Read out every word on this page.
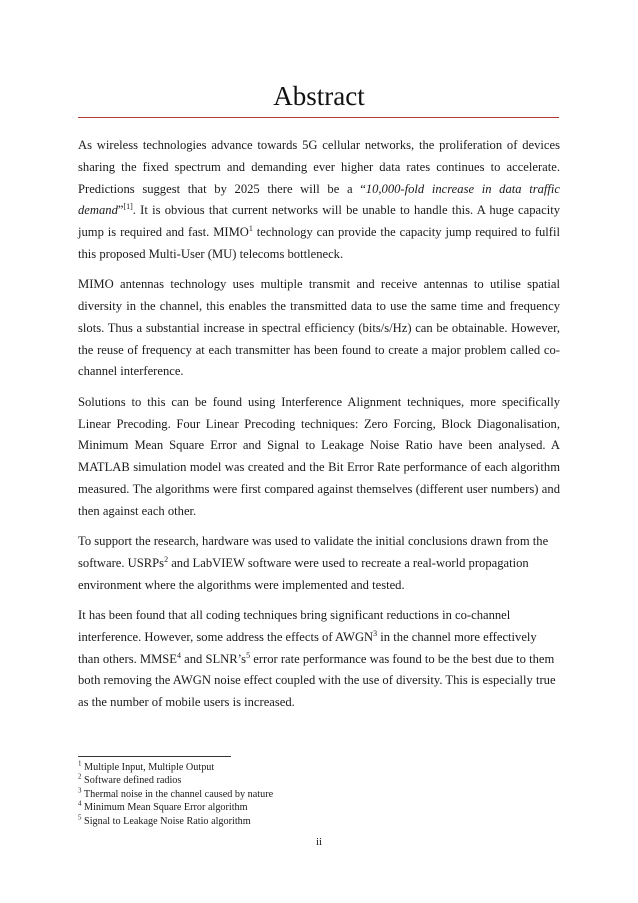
Abstract

As wireless technologies advance towards 5G cellular networks, the proliferation of devices sharing the fixed spectrum and demanding ever higher data rates continues to accelerate. Predictions suggest that by 2025 there will be a “10,000-fold increase in data traffic demand”[1]. It is obvious that current networks will be unable to handle this. A huge capacity jump is required and fast. MIMO$^1$ technology can provide the capacity jump required to fulfil this proposed Multi-User (MU) telecoms bottleneck.

MIMO antennas technology uses multiple transmit and receive antennas to utilise spatial diversity in the channel, this enables the transmitted data to use the same time and frequency slots. Thus a substantial increase in spectral efficiency (bits/s/Hz) can be obtainable. However, the reuse of frequency at each transmitter has been found to create a major problem called co-channel interference.

Solutions to this can be found using Interference Alignment techniques, more specifically Linear Precoding. Four Linear Precoding techniques: Zero Forcing, Block Diagonalisation, Minimum Mean Square Error and Signal to Leakage Noise Ratio have been analysed. A MATLAB simulation model was created and the Bit Error Rate performance of each algorithm measured. The algorithms were first compared against themselves (different user numbers) and then against each other.

To support the research, hardware was used to validate the initial conclusions drawn from the software. USRPs$^2$ and LabVIEW software were used to recreate a real-world propagation environment where the algorithms were implemented and tested.

It has been found that all coding techniques bring significant reductions in co-channel interference. However, some address the effects of AWGN$^3$ in the channel more effectively than others. MMSE$^4$ and $SLNR’s^5$ error rate performance was found to be the best due to them both removing the AWGN noise effect coupled with the use of diversity. This is especially true as the number of mobile users is increased.

$^1$ Multiple Input, Multiple Output
$^2$ Software defined radios
$^3$ Thermal noise in the channel caused by nature
$^4$ Minimum Mean Square Error algorithm
$^5$ Signal to Leakage Noise Ratio algorithm
ii
